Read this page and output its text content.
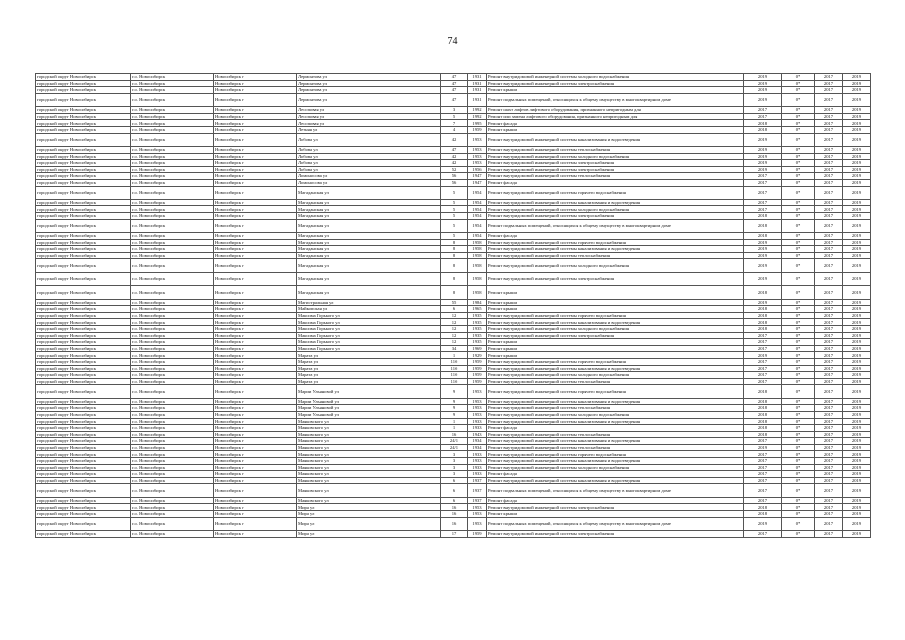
74
городской округ Новосибирск	г.о. Новосибирск	Новосибирск г	Лермонтова ул	47	1931	Ремонт внутридомовой инженерной системы холодного водоснабжения	2019	0*	2017	2019
городской округ Новосибирск	г.о. Новосибирск	Новосибирск г	Лермонтова ул	47	1931	Ремонт внутридомовой инженерной системы электроснабжения	2019	0*	2017	2019
городской округ Новосибирск	г.о. Новосибирск	Новосибирск г	Лермонтова ул	47	1931	Ремонт крыши	2019	0*	2017	2019
городской округ Новосибирск	г.о. Новосибирск	Новосибирск г	Лермонтова ул	47	1931	Ремонт подвальных помещений, относящихся к общему имуществу в многоквартирном доме	2019	0*	2017	2019
городской округ Новосибирск	г.о. Новосибирск	Новосибирск г	Лесоповая ул	3	1992	Ремонт шахт лифтов лифтового оборудования, признанного непригодным для	2017	0*	2017	2019
городской округ Новосибирск	г.о. Новосибирск	Новосибирск г	Лесоповая ул	5	1992	Ремонт или замена лифтового оборудования, признанного непригодным для	2017	0*	2017	2019
городской округ Новосибирск	г.о. Новосибирск	Новосибирск г	Лесоповая ул	7	1995	Ремонт фасада	2018	0*	2017	2019
городской округ Новосибирск	г.о. Новосибирск	Новосибирск г	Летняя ул	4	1959	Ремонт крыши	2018	0*	2017	2019
городской округ Новосибирск	г.о. Новосибирск	Новосибирск г	Лобова ул	42	1953	Ремонт внутридомовой инженерной системы канализования и водоотведения	2019	0*	2017	2019
городской округ Новосибирск	г.о. Новосибирск	Новосибирск г	Лобова ул	47	1953	Ремонт внутридомовой инженерной системы теплоснабжения	2019	0*	2017	2019
городской округ Новосибирск	г.о. Новосибирск	Новосибирск г	Лобова ул	42	1953	Ремонт внутридомовой инженерной системы холодного водоснабжения	2019	0*	2017	2019
городской округ Новосибирск	г.о. Новосибирск	Новосибирск г	Лобова ул	42	1953	Ремонт внутридомовой инженерной системы электроснабжения	2019	0*	2017	2019
городской округ Новосибирск	г.о. Новосибирск	Новосибирск г	Лобова ул	52	1956	Ремонт внутридомовой инженерной системы электроснабжения	2019	0*	2017	2019
городской округ Новосибирск	г.о. Новосибирск	Новосибирск г	Ломоносова ул	56	1947	Ремонт внутридомовой инженерной системы теплоснабжения	2017	0*	2017	2019
городской округ Новосибирск	г.о. Новосибирск	Новосибирск г	Ломоносова ул	56	1947	Ремонт фасада	2017	0*	2017	2019
городской округ Новосибирск	г.о. Новосибирск	Новосибирск г	Магаданская ул	5	1954	Ремонт внутридомовой инженерной системы горячего водоснабжения	2017	0*	2017	2019
городской округ Новосибирск	г.о. Новосибирск	Новосибирск г	Магаданская ул	5	1954	Ремонт внутридомовой инженерной системы канализования и водоотведения	2017	0*	2017	2019
городской округ Новосибирск	г.о. Новосибирск	Новосибирск г	Магаданская ул	5	1954	Ремонт внутридомовой инженерной системы холодного водоснабжения	2017	0*	2017	2019
городской округ Новосибирск	г.о. Новосибирск	Новосибирск г	Магаданская ул	5	1954	Ремонт внутридомовой инженерной системы электроснабжения	2018	0*	2017	2019
городской округ Новосибирск	г.о. Новосибирск	Новосибирск г	Магаданская ул	5	1954	Ремонт подвальных помещений, относящихся к общему имуществу в многоквартирном доме	2018	0*	2017	2019
городской округ Новосибирск	г.о. Новосибирск	Новосибирск г	Магаданская ул	5	1954	Ремонт фасада	2018	0*	2017	2019
городской округ Новосибирск	г.о. Новосибирск	Новосибирск г	Магаданская ул	8	1958	Ремонт внутридомовой инженерной системы горячего водоснабжения	2019	0*	2017	2019
городской округ Новосибирск	г.о. Новосибирск	Новосибирск г	Магаданская ул	8	1958	Ремонт внутридомовой инженерной системы канализования и водоотведения	2019	0*	2017	2019
городской округ Новосибирск	г.о. Новосибирск	Новосибирск г	Магаданская ул	8	1958	Ремонт внутридомовой инженерной системы теплоснабжения	2019	0*	2017	2019
городской округ Новосибирск	г.о. Новосибирск	Новосибирск г	Магаданская ул	8	1958	Ремонт внутридомовой инженерной системы холодного водоснабжения	2019	0*	2017	2019
городской округ Новосибирск	г.о. Новосибирск	Новосибирск г	Магаданская ул	8	1958	Ремонт внутридомовой инженерной системы электроснабжения	2019	0*	2017	2019
городской округ Новосибирск	г.о. Новосибирск	Новосибирск г	Магаданская ул	8	1958	Ремонт крыши	2018	0*	2017	2019
городской округ Новосибирск	г.о. Новосибирск	Новосибирск г	Магистральная ул	55	1984	Ремонт крыши	2019	0*	2017	2019
городской округ Новосибирск	г.о. Новосибирск	Новосибирск г	Майкопская ул	6	1965	Ремонт крыши	2018	0*	2017	2019
городской округ Новосибирск	г.о. Новосибирск	Новосибирск г	Максима Горького ул	12	1935	Ремонт внутридомовой инженерной системы горячего водоснабжения	2018	0*	2017	2019
городской округ Новосибирск	г.о. Новосибирск	Новосибирск г	Максима Горького ул	12	1935	Ремонт внутридомовой инженерной системы канализования и водоотведения	2018	0*	2017	2019
городской округ Новосибирск	г.о. Новосибирск	Новосибирск г	Максима Горького ул	12	1935	Ремонт внутридомовой инженерной системы холодного водоснабжения	2018	0*	2017	2019
городской округ Новосибирск	г.о. Новосибирск	Новосибирск г	Максима Горького ул	12	1935	Ремонт внутридомовой инженерной системы электроснабжения	2017	0*	2017	2019
городской округ Новосибирск	г.о. Новосибирск	Новосибирск г	Максима Горького ул	12	1935	Ремонт крыши	2017	0*	2017	2019
городской округ Новосибирск	г.о. Новосибирск	Новосибирск г	Максима Горького ул	34	1969	Ремонт крыши	2017	0*	2017	2019
городской округ Новосибирск	г.о. Новосибирск	Новосибирск г	Марата ул	1	1929	Ремонт крыши	2019	0*	2017	2019
городской округ Новосибирск	г.о. Новосибирск	Новосибирск г	Марата ул	11б	1959	Ремонт внутридомовой инженерной системы горячего водоснабжения	2017	0*	2017	2019
городской округ Новосибирск	г.о. Новосибирск	Новосибирск г	Марата ул	11б	1959	Ремонт внутридомовой инженерной системы канализования и водоотведения	2017	0*	2017	2019
городской округ Новосибирск	г.о. Новосибирск	Новосибирск г	Марата ул	11б	1959	Ремонт внутридомовой инженерной системы холодного водоснабжения	2017	0*	2017	2019
городской округ Новосибирск	г.о. Новосибирск	Новосибирск г	Марата ул	11б	1959	Ремонт внутридомовой инженерной системы теплоснабжения	2017	0*	2017	2019
городской округ Новосибирск	г.о. Новосибирск	Новосибирск г	Марии Ульяновой ул	9	1953	Ремонт внутридомовой инженерной системы горячего водоснабжения	2018	0*	2017	2019
городской округ Новосибирск	г.о. Новосибирск	Новосибирск г	Марии Ульяновой ул	9	1953	Ремонт внутридомовой инженерной системы канализования и водоотведения	2018	0*	2017	2019
городской округ Новосибирск	г.о. Новосибирск	Новосибирск г	Марии Ульяновой ул	9	1953	Ремонт внутридомовой инженерной системы теплоснабжения	2018	0*	2017	2019
городской округ Новосибирск	г.о. Новосибирск	Новосибирск г	Марии Ульяновой ул	9	1953	Ремонт внутридомовой инженерной системы холодного водоснабжения	2018	0*	2017	2019
городской округ Новосибирск	г.о. Новосибирск	Новосибирск г	Маяковского ул	1	1933	Ремонт внутридомовой инженерной системы канализования и водоотведения	2018	0*	2017	2019
городской округ Новосибирск	г.о. Новосибирск	Новосибирск г	Маяковского ул	1	1933	Ремонт фасада	2018	0*	2017	2019
городской округ Новосибирск	г.о. Новосибирск	Новосибирск г	Маяковского ул	16	1943	Ремонт внутридомовой инженерной системы теплоснабжения	2018	0*	2017	2019
городской округ Новосибирск	г.о. Новосибирск	Новосибирск г	Маяковского ул	24/1	1934	Ремонт внутридомовой инженерной системы канализования и водоотведения	2017	0*	2017	2019
городской округ Новосибирск	г.о. Новосибирск	Новосибирск г	Маяковского ул	24/1	1934	Ремонт внутридомовой инженерной системы теплоснабжения	2019	0*	2017	2019
городской округ Новосибирск	г.о. Новосибирск	Новосибирск г	Маяковского ул	3	1933	Ремонт внутридомовой инженерной системы горячего водоснабжения	2017	0*	2017	2019
городской округ Новосибирск	г.о. Новосибирск	Новосибирск г	Маяковского ул	3	1933	Ремонт внутридомовой инженерной системы канализования и водоотведения	2017	0*	2017	2019
городской округ Новосибирск	г.о. Новосибирск	Новосибирск г	Маяковского ул	3	1933	Ремонт внутридомовой инженерной системы холодного водоснабжения	2017	0*	2017	2019
городской округ Новосибирск	г.о. Новосибирск	Новосибирск г	Маяковского ул	3	1933	Ремонт фасада	2017	0*	2017	2019
городской округ Новосибирск	г.о. Новосибирск	Новосибирск г	Маяковского ул	6	1937	Ремонт внутридомовой инженерной системы канализования и водоотведения	2017	0*	2017	2019
городской округ Новосибирск	г.о. Новосибирск	Новосибирск г	Маяковского ул	6	1937	Ремонт подвальных помещений, относящихся к общему имуществу в многоквартирном доме	2017	0*	2017	2019
городской округ Новосибирск	г.о. Новосибирск	Новосибирск г	Маяковского ул	6	1937	Ремонт фасада	2017	0*	2017	2019
городской округ Новосибирск	г.о. Новосибирск	Новосибирск г	Мира ул	16	1953	Ремонт внутридомовой инженерной системы электроснабжения	2018	0*	2017	2019
городской округ Новосибирск	г.о. Новосибирск	Новосибирск г	Мира ул	16	1953	Ремонт крыши	2018	0*	2017	2019
городской округ Новосибирск	г.о. Новосибирск	Новосибирск г	Мира ул	16	1953	Ремонт подвальных помещений, относящихся к общему имуществу в многоквартирном доме	2019	0*	2017	2019
городской округ Новосибирск	г.о. Новосибирск	Новосибирск г	Мира ул	17	1959	Ремонт внутридомовой инженерной системы электроснабжения	2017	0*	2017	2019
